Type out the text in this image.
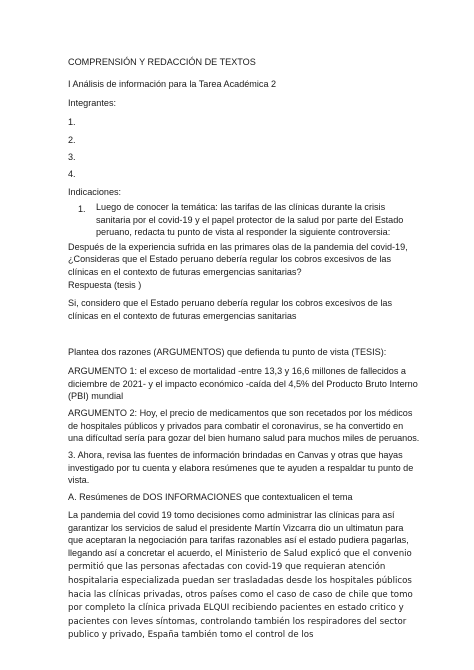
COMPRENSIÓN Y REDACCIÓN DE TEXTOS

I Análisis de información para la Tarea Académica 2

Integrantes:

1.

2.

3.

4.

Indicaciones:

1. Luego de conocer la temática: las tarifas de las clínicas durante la crisis sanitaria por el covid-19 y el papel protector de la salud por parte del Estado peruano, redacta tu punto de vista al responder la siguiente controversia:

Después de la experiencia sufrida en las primares olas de la pandemia del covid-19,

¿Consideras que el Estado peruano debería regular los cobros excesivos de las clínicas en el contexto de futuras emergencias sanitarias?

Respuesta (tesis )

Si, considero que el Estado peruano debería regular los cobros excesivos de las clínicas en el contexto de futuras emergencias sanitarias

Plantea dos razones (ARGUMENTOS) que defienda tu punto de vista (TESIS):

ARGUMENTO 1: el exceso de mortalidad -entre 13,3 y 16,6 millones de fallecidos a diciembre de 2021- y el impacto económico -caída del 4,5% del Producto Bruto Interno (PBI) mundial

ARGUMENTO 2: Hoy, el precio de medicamentos que son recetados por los médicos de hospitales públicos y privados para combatir el coronavirus, se ha convertido en una difícultad sería para gozar del bien humano salud para muchos miles de peruanos.

3. Ahora, revisa las fuentes de información brindadas en Canvas y otras que hayas investigado por tu cuenta y elabora resúmenes que te ayuden a respaldar tu punto de vista.

A. Resúmenes de DOS INFORMACIONES que contextualicen el tema

La pandemia del covid 19 tomo decisiones como administrar las clínicas para así garantizar los servicios de salud el presidente Martín Vizcarra dio un ultimatun para que aceptaran la negociación para tarifas razonables así el estado pudiera pagarlas, llegando así a concretar el acuerdo, el Ministerio de Salud explicó que el convenio permitió que las personas afectadas con covid-19 que requieran atención hospitalaria especializada puedan ser trasladadas desde los hospitales públicos hacia las clínicas privadas, otros países como el caso de caso de chile que tomo por completo la clínica privada ELQUI recibiendo pacientes en estado critico y pacientes con leves síntomas, controlando también los respiradores del sector publico y privado, España también tomo el control de los
